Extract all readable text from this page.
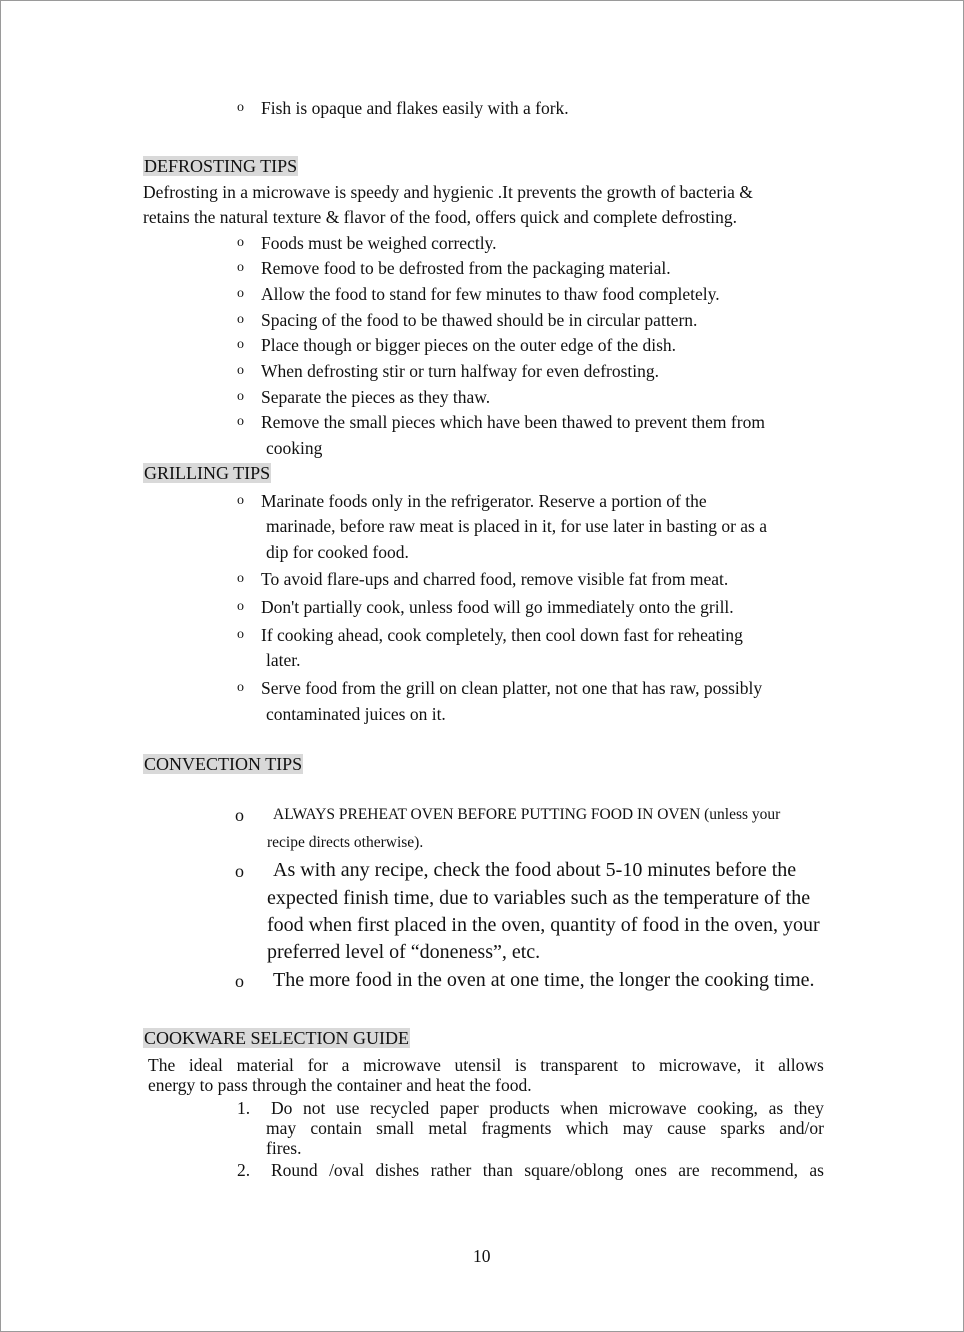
o Fish is opaque and flakes easily with a fork.
DEFROSTING TIPS
Defrosting in a microwave is speedy and hygienic .It prevents the growth of bacteria &
retains the natural texture & flavor of the food, offers quick and complete defrosting.
o Foods must be weighed correctly.
o Remove food to be defrosted from the packaging material.
o Allow the food to stand for few minutes to thaw food completely.
o Spacing of the food to be thawed should be in circular pattern.
o Place though or bigger pieces on the outer edge of the dish.
o When defrosting stir or turn halfway for even defrosting.
o Separate the pieces as they thaw.
o Remove the small pieces which have been thawed to prevent them from
cooking
GRILLING TIPS
o Marinate foods only in the refrigerator. Reserve a portion of the
marinade, before raw meat is placed in it, for use later in basting or as a
dip for cooked food.
o To avoid flare-ups and charred food, remove visible fat from meat.
o Don't partially cook, unless food will go immediately onto the grill.
o If cooking ahead, cook completely, then cool down fast for reheating
later.
o Serve food from the grill on clean platter, not one that has raw, possibly
contaminated juices on it.
CONVECTION TIPS
o ALWAYS PREHEAT OVEN BEFORE PUTTING FOOD IN OVEN (unless your
recipe directs otherwise).
o As with any recipe, check the food about 5-10 minutes before the
expected finish time, due to variables such as the temperature of the
food when first placed in the oven, quantity of food in the oven, your
preferred level of “doneness”, etc.
o The more food in the oven at one time, the longer the cooking time.
COOKWARE SELECTION GUIDE
The ideal material for a microwave utensil is transparent to microwave, it allows
energy to pass through the container and heat the food.
1. Do not use recycled paper products when microwave cooking, as they
may contain small metal fragments which may cause sparks and/or
fires.
2. Round /oval dishes rather than square/oblong ones are recommend, as
10
